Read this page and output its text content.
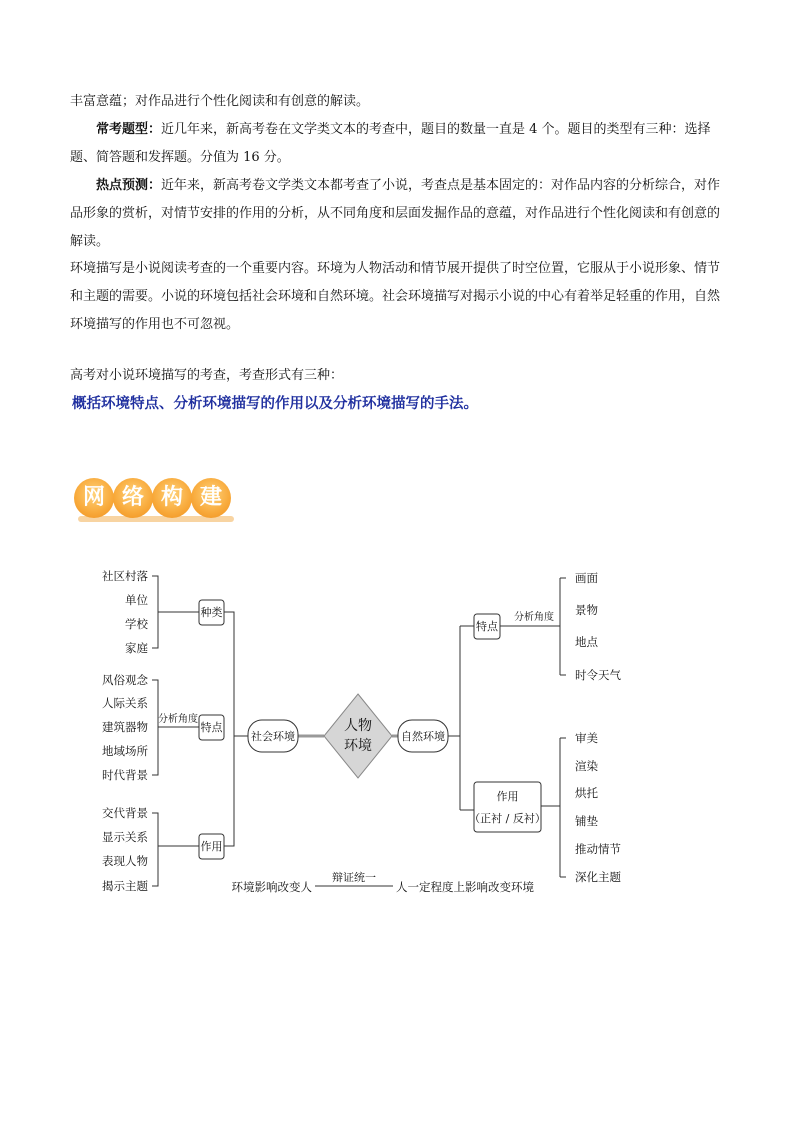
丰富意蕴；对作品进行个性化阅读和有创意的解读。

常考题型：近几年来，新高考卷在文学类文本的考查中，题目的数量一直是 4 个。题目的类型有三种：选择题、简答题和发挥题。分值为 16 分。

热点预测：近年来，新高考卷文学类文本都考查了小说，考查点是基本固定的：对作品内容的分析综合，对作品形象的赏析，对情节安排的作用的分析，从不同角度和层面发掘作品的意蕴，对作品进行个性化阅读和有创意的解读。

环境描写是小说阅读考查的一个重要内容。环境为人物活动和情节展开提供了时空位置，它服从于小说形象、情节和主题的需要。小说的环境包括社会环境和自然环境。社会环境描写对揭示小说的中心有着举足轻重的作用，自然环境描写的作用也不可忽视。

高考对小说环境描写的考查，考查形式有三种：

概括环境特点、分析环境描写的作用以及分析环境描写的手法。
网 络 构 建
社区村落
单位
学校
家庭
风俗观念
人际关系
建筑器物
地域场所
时代背景
交代背景
显示关系
表现人物
揭示主题
分析角度
种类
特点
作用
社会环境
人物
环境
自然环境
特点
分析角度
作用
（正衬 / 反衬）
画面
景物
地点
时令天气
审美
渲染
烘托
铺垫
推动情节
深化主题
环境影响改变人
辩证统一
人一定程度上影响改变环境
